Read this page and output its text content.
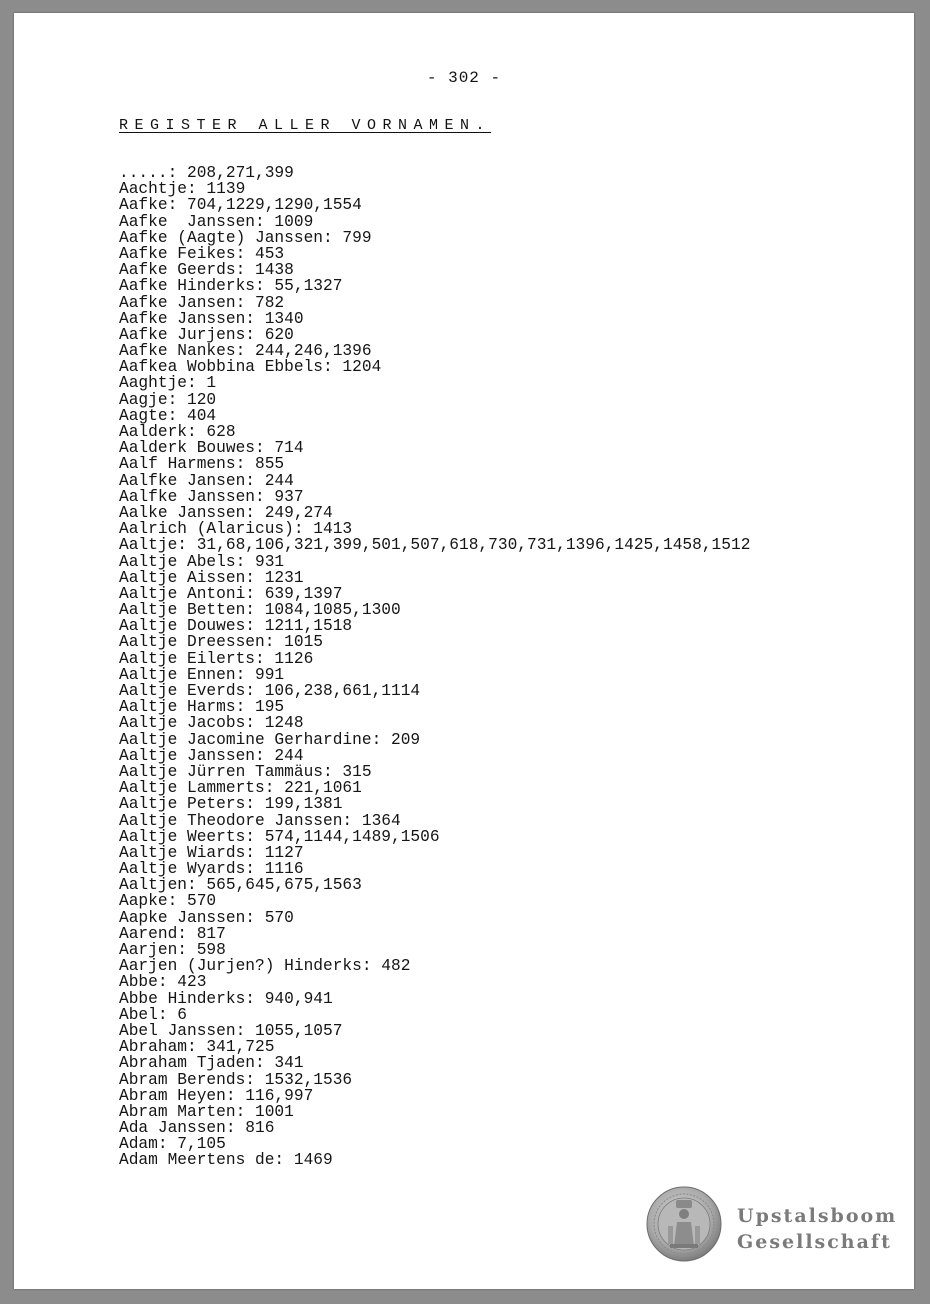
- 302 -
REGISTER ALLER VORNAMEN.
.....: 208,271,399
Aachtje: 1139
Aafke: 704,1229,1290,1554
Aafke  Janssen: 1009
Aafke (Aagte) Janssen: 799
Aafke Feikes: 453
Aafke Geerds: 1438
Aafke Hinderks: 55,1327
Aafke Jansen: 782
Aafke Janssen: 1340
Aafke Jurjens: 620
Aafke Nankes: 244,246,1396
Aafkea Wobbina Ebbels: 1204
Aaghtje: 1
Aagje: 120
Aagte: 404
Aalderk: 628
Aalderk Bouwes: 714
Aalf Harmens: 855
Aalfke Jansen: 244
Aalfke Janssen: 937
Aalke Janssen: 249,274
Aalrich (Alaricus): 1413
Aaltje: 31,68,106,321,399,501,507,618,730,731,1396,1425,1458,1512
Aaltje Abels: 931
Aaltje Aissen: 1231
Aaltje Antoni: 639,1397
Aaltje Betten: 1084,1085,1300
Aaltje Douwes: 1211,1518
Aaltje Dreessen: 1015
Aaltje Eilerts: 1126
Aaltje Ennen: 991
Aaltje Everds: 106,238,661,1114
Aaltje Harms: 195
Aaltje Jacobs: 1248
Aaltje Jacomine Gerhardine: 209
Aaltje Janssen: 244
Aaltje Jürren Tammäus: 315
Aaltje Lammerts: 221,1061
Aaltje Peters: 199,1381
Aaltje Theodore Janssen: 1364
Aaltje Weerts: 574,1144,1489,1506
Aaltje Wiards: 1127
Aaltje Wyards: 1116
Aaltjen: 565,645,675,1563
Aapke: 570
Aapke Janssen: 570
Aarend: 817
Aarjen: 598
Aarjen (Jurjen?) Hinderks: 482
Abbe: 423
Abbe Hinderks: 940,941
Abel: 6
Abel Janssen: 1055,1057
Abraham: 341,725
Abraham Tjaden: 341
Abram Berends: 1532,1536
Abram Heyen: 116,997
Abram Marten: 1001
Ada Janssen: 816
Adam: 7,105
Adam Meertens de: 1469
Upstalsboom
Gesellschaft
